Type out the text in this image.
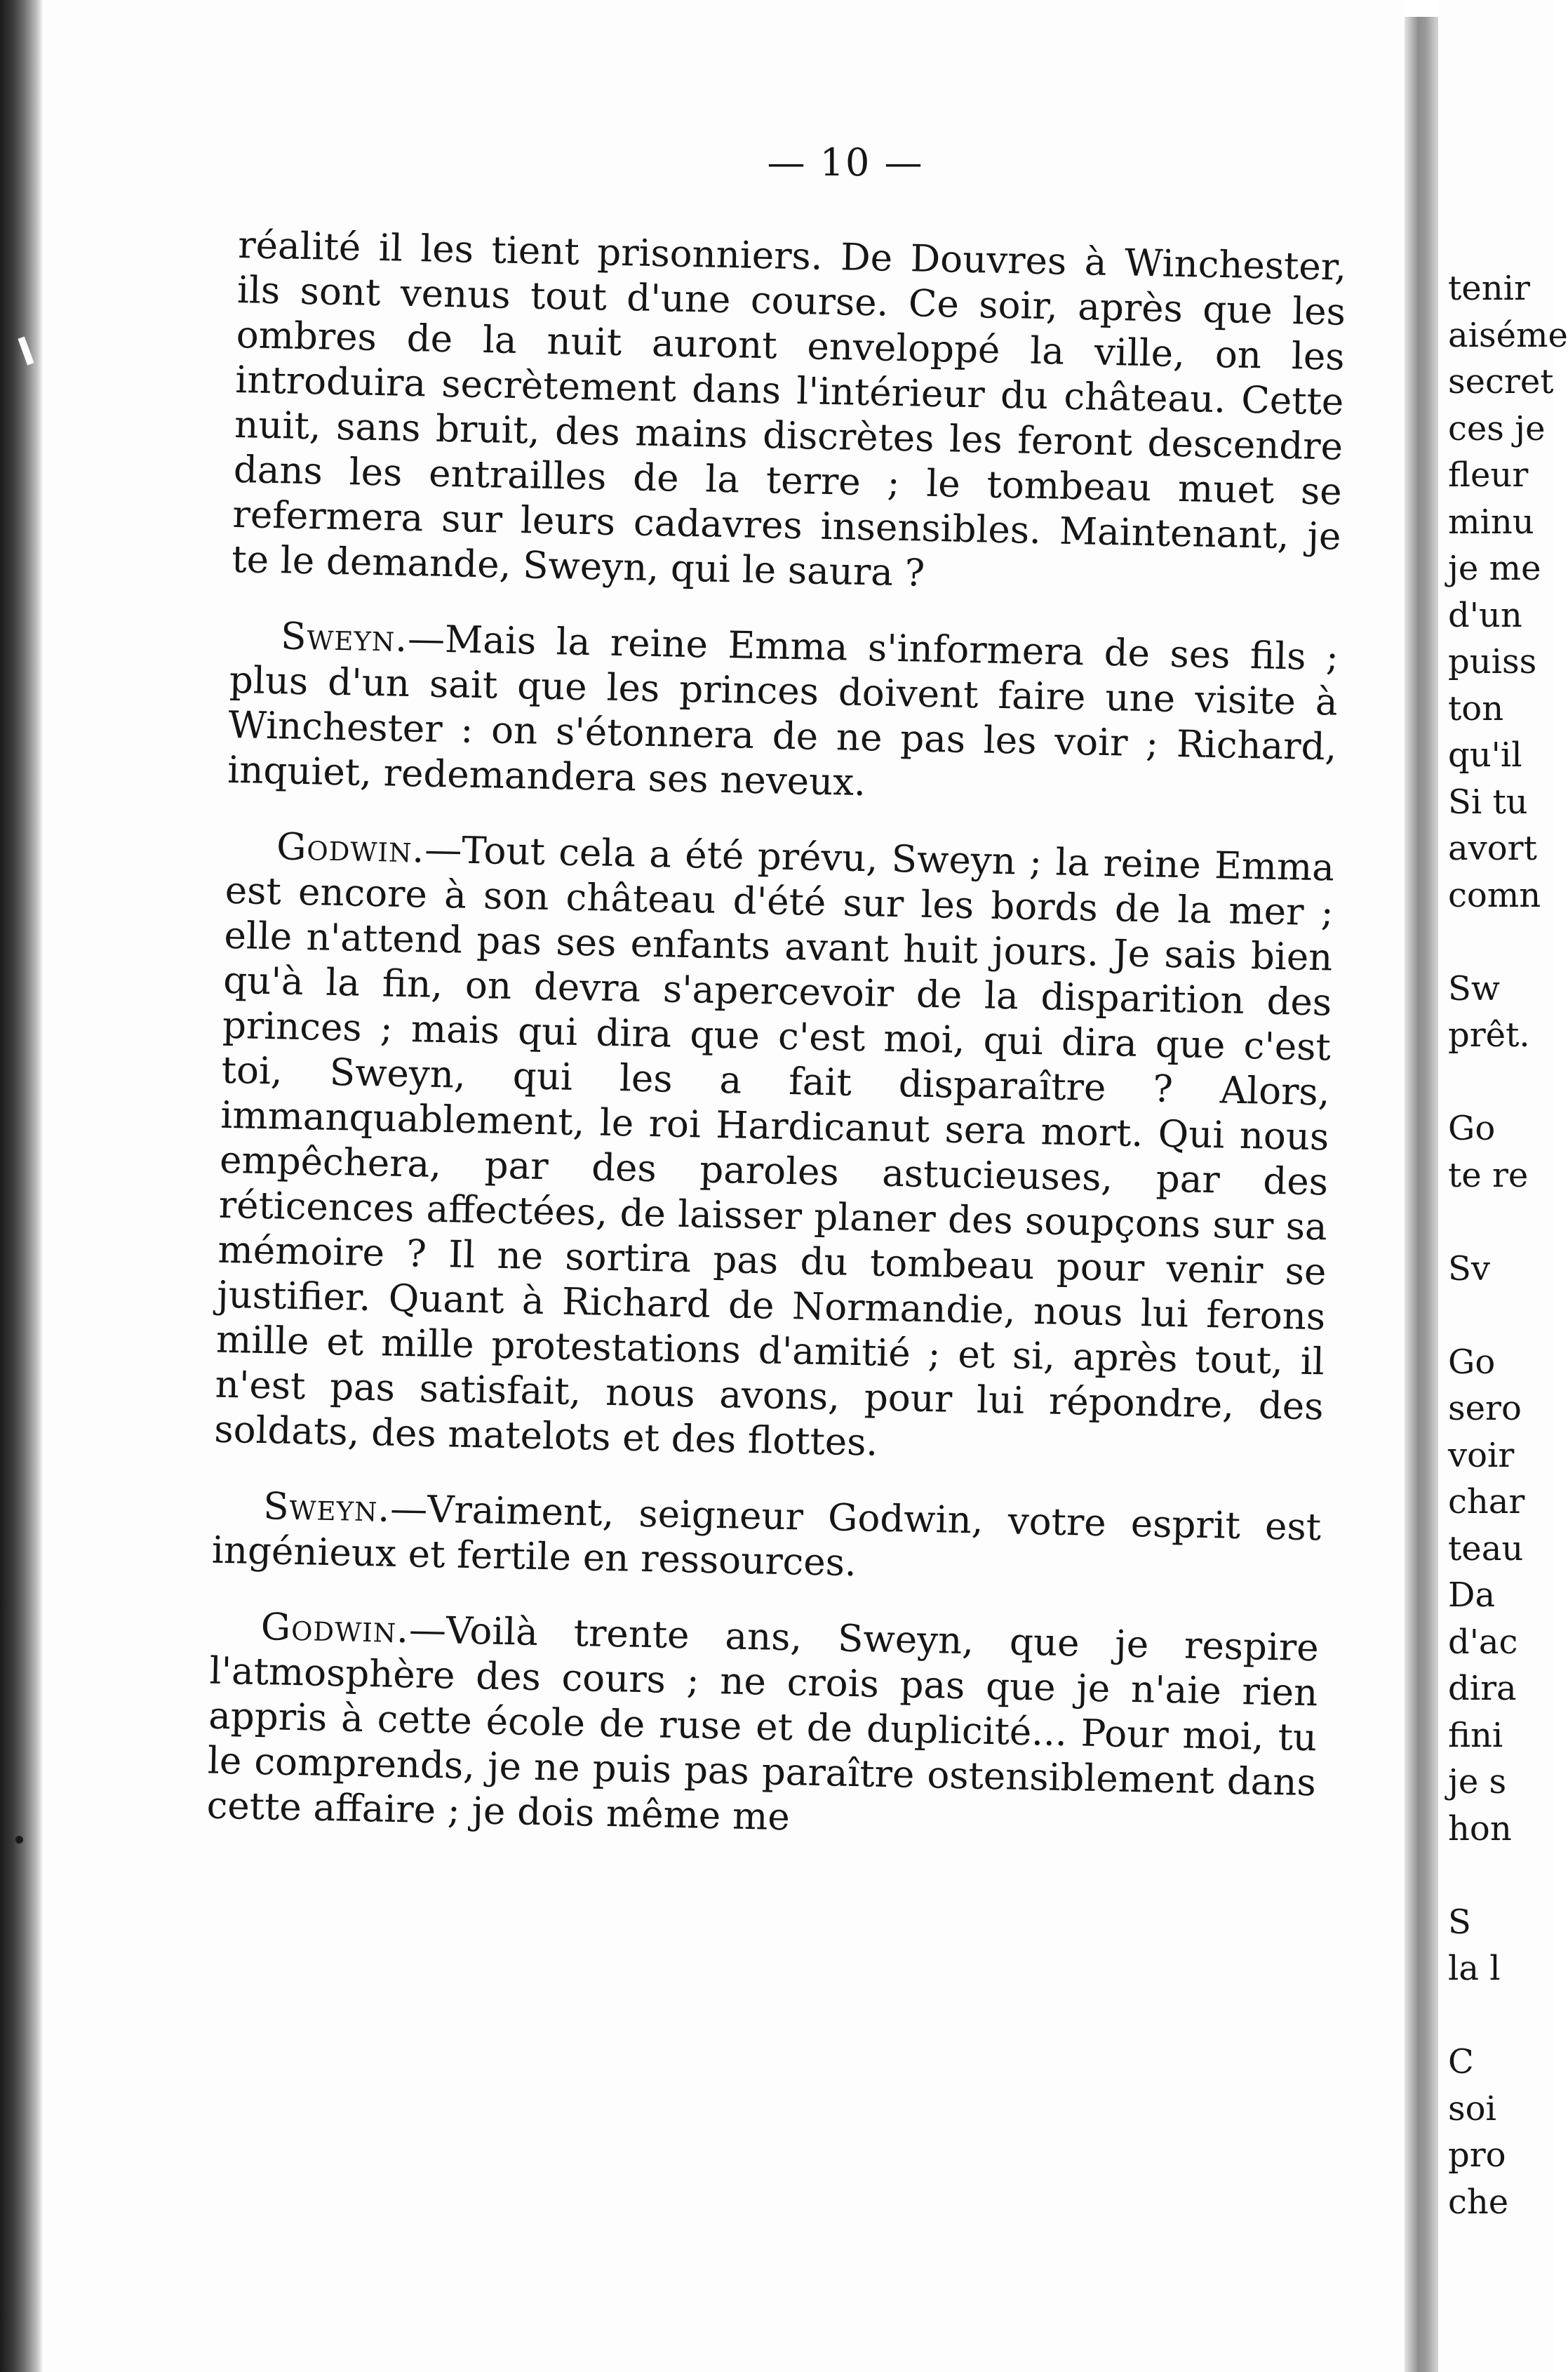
— 10 —

réalité il les tient prisonniers. De Douvres à Winchester, ils sont venus tout d'une course. Ce soir, après que les ombres de la nuit auront enveloppé la ville, on les introduira secrètement dans l'intérieur du château. Cette nuit, sans bruit, des mains discrètes les feront descendre dans les entrailles de la terre ; le tombeau muet se refermera sur leurs cadavres insensibles. Maintenant, je te le demande, Sweyn, qui le saura ?

Sweyn.—Mais la reine Emma s'informera de ses fils ; plus d'un sait que les princes doivent faire une visite à Winchester : on s'étonnera de ne pas les voir ; Richard, inquiet, redemandera ses neveux.

Godwin.—Tout cela a été prévu, Sweyn ; la reine Emma est encore à son château d'été sur les bords de la mer ; elle n'attend pas ses enfants avant huit jours. Je sais bien qu'à la fin, on devra s'apercevoir de la disparition des princes ; mais qui dira que c'est moi, qui dira que c'est toi, Sweyn, qui les a fait disparaître ? Alors, immanquablement, le roi Hardicanut sera mort. Qui nous empêchera, par des paroles astucieuses, par des réticences affectées, de laisser planer des soupçons sur sa mémoire ? Il ne sortira pas du tombeau pour venir se justifier. Quant à Richard de Normandie, nous lui ferons mille et mille protestations d'amitié ; et si, après tout, il n'est pas satisfait, nous avons, pour lui répondre, des soldats, des matelots et des flottes.

Sweyn.—Vraiment, seigneur Godwin, votre esprit est ingénieux et fertile en ressources.

Godwin.—Voilà trente ans, Sweyn, que je respire l'atmosphère des cours ; ne crois pas que je n'aie rien appris à cette école de ruse et de duplicité... Pour moi, tu le comprends, je ne puis pas paraître ostensiblement dans cette affaire ; je dois même me

tenir
aiséme
secret
ces je
fleur
minu
je me
d'un
puiss
ton
qu'il
Si tu
avort
comn
Sw
prêt.
Go
te re
Sv
Go
sero
voir
char
teau
Da
d'ac
dira
fini
je s
hon
S
la l
C
soi
pro
che
